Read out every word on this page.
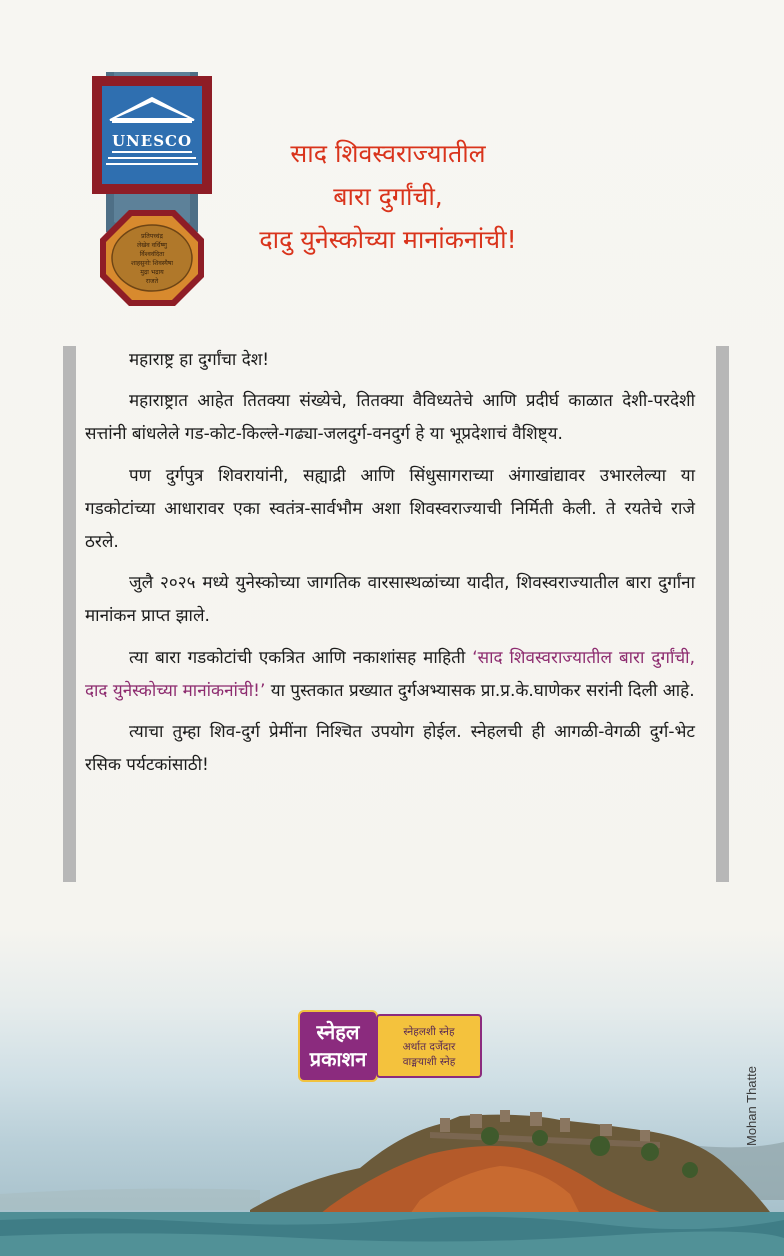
UNESCO
प्रतिपच्चंद्र
लेखेव वर्धिष्णु
र्विश्ववंदिता
शाहसुनोः शिवस्यैषा
मुद्रा भद्राय
राजते
साद शिवस्वराज्यातील
बारा दुर्गांची,
दादु युनेस्कोच्या मानांकनांची!

महाराष्ट्र हा दुर्गांचा देश!

महाराष्ट्रात आहेत तितक्या संख्येचे, तितक्या वैविध्यतेचे आणि प्रदीर्घ काळात देशी-परदेशी सत्तांनी बांधलेले गड-कोट-किल्ले-गढ्या-जलदुर्ग-वनदुर्ग हे या भूप्रदेशाचं वैशिष्ट्य.

पण दुर्गपुत्र शिवरायांनी, सह्याद्री आणि सिंधुसागराच्या अंगाखांद्यावर उभारलेल्या या गडकोटांच्या आधारावर एका स्वतंत्र-सार्वभौम अशा शिवस्वराज्याची निर्मिती केली. ते रयतेचे राजे ठरले.

जुलै २०२५ मध्ये युनेस्कोच्या जागतिक वारसास्थळांच्या यादीत, शिवस्वराज्यातील बारा दुर्गांना मानांकन प्राप्त झाले.

त्या बारा गडकोटांची एकत्रित आणि नकाशांसह माहिती ‘साद शिवस्वराज्यातील बारा दुर्गांची, दाद युनेस्कोच्या मानांकनांची!’ या पुस्तकात प्रख्यात दुर्गअभ्यासक प्रा.प्र.के.घाणेकर सरांनी दिली आहे.

त्याचा तुम्हा शिव-दुर्ग प्रेमींना निश्चित उपयोग होईल. स्नेहलची ही आगळी-वेगळी दुर्ग-भेट रसिक पर्यटकांसाठी!

Mohan Thatte
स्नेहल
प्रकाशन
स्नेहलशी स्नेह
अर्थात दर्जेदार
वाङ्मयाशी स्नेह
